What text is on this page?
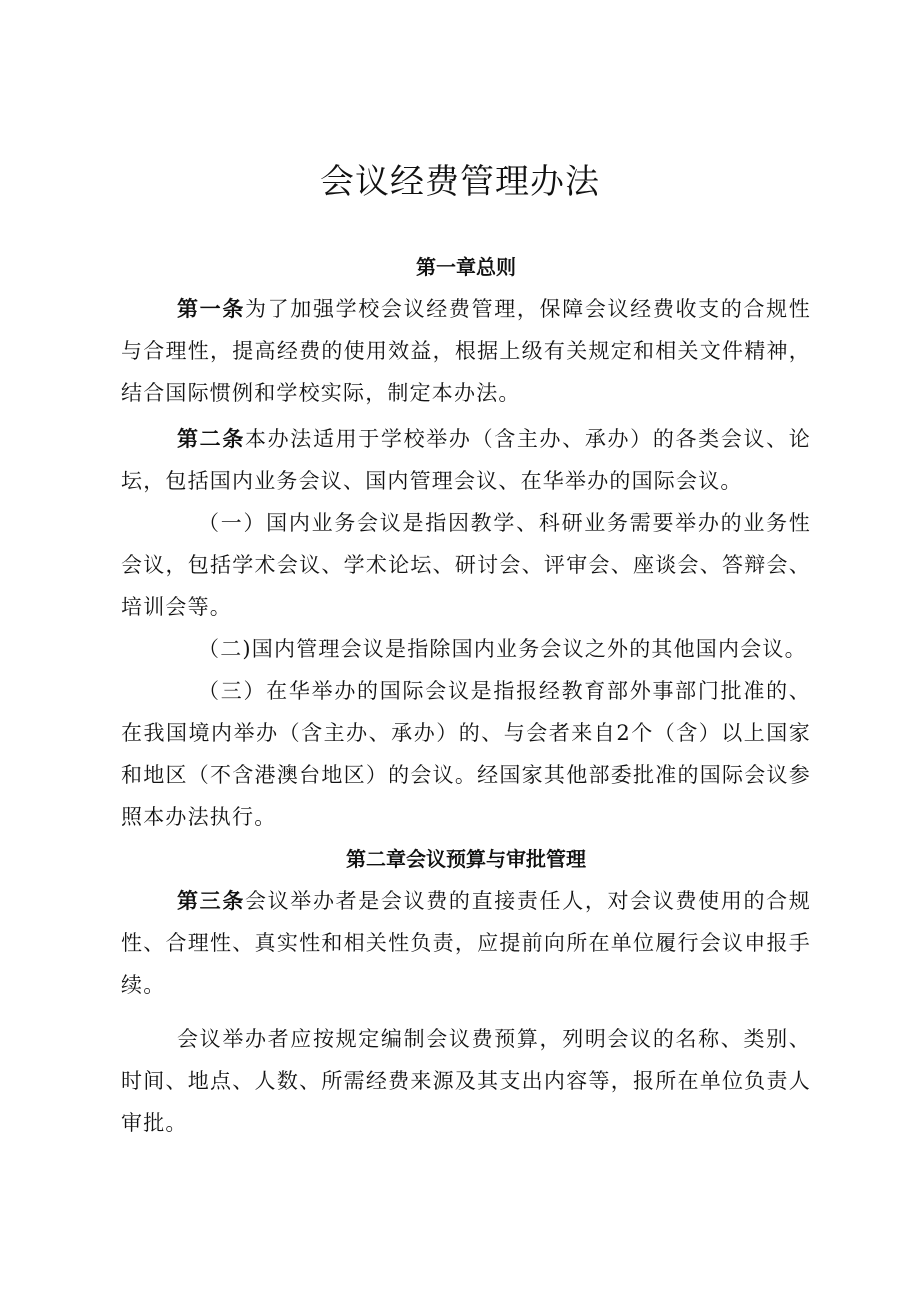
会议经费管理办法
第一章总则

第一条为了加强学校会议经费管理，保障会议经费收支的合规性与合理性，提高经费的使用效益，根据上级有关规定和相关文件精神，结合国际惯例和学校实际，制定本办法。

第二条本办法适用于学校举办（含主办、承办）的各类会议、论坛，包括国内业务会议、国内管理会议、在华举办的国际会议。

（一）国内业务会议是指因教学、科研业务需要举办的业务性会议，包括学术会议、学术论坛、研讨会、评审会、座谈会、答辩会、培训会等。

（二)国内管理会议是指除国内业务会议之外的其他国内会议。

（三）在华举办的国际会议是指报经教育部外事部门批准的、在我国境内举办（含主办、承办）的、与会者来自2个（含）以上国家和地区（不含港澳台地区）的会议。经国家其他部委批准的国际会议参照本办法执行。

第二章会议预算与审批管理

第三条会议举办者是会议费的直接责任人，对会议费使用的合规性、合理性、真实性和相关性负责，应提前向所在单位履行会议申报手续。

会议举办者应按规定编制会议费预算，列明会议的名称、类别、时间、地点、人数、所需经费来源及其支出内容等，报所在单位负责人审批。
